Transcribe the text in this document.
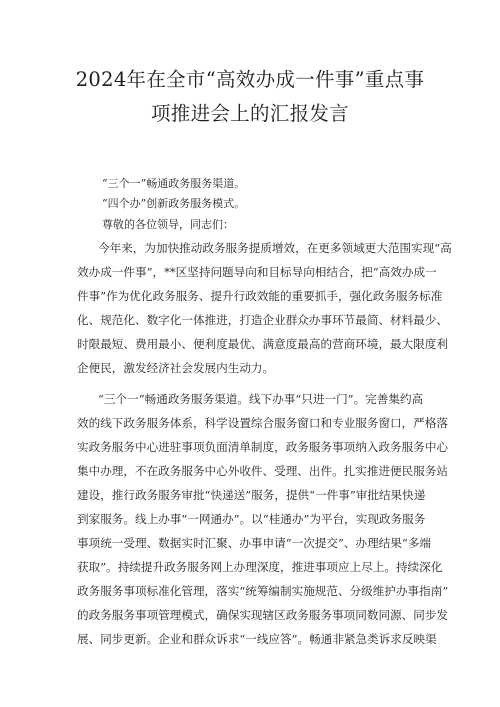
2024年在全市“高效办成一件事”重点事
项推进会上的汇报发言

“三个一”畅通政务服务渠道。

“四个办”创新政务服务模式。

尊敬的各位领导，同志们：

今年来，为加快推动政务服务提质增效，在更多领域更大范围实现“高

效办成一件事”，**区坚持问题导向和目标导向相结合，把“高效办成一

件事”作为优化政务服务、提升行政效能的重要抓手，强化政务服务标准

化、规范化、数字化一体推进，打造企业群众办事环节最简、材料最少、

时限最短、费用最小、便利度最优、满意度最高的营商环境，最大限度利

企便民，激发经济社会发展内生动力。

“三个一”畅通政务服务渠道。线下办事“只进一门”。完善集约高

效的线下政务服务体系，科学设置综合服务窗口和专业服务窗口，严格落

实政务服务中心进驻事项负面清单制度，政务服务事项纳入政务服务中心

集中办理，不在政务服务中心外收件、受理、出件。扎实推进便民服务站

建设，推行政务服务审批“快递送”服务，提供“一件事”审批结果快递

到家服务。线上办事“一网通办”。以“桂通办”为平台，实现政务服务

事项统一受理、数据实时汇聚、办事申请“一次提交”、办理结果“多端

获取”。持续提升政务服务网上办理深度，推进事项应上尽上。持续深化

政务服务事项标准化管理，落实“统筹编制实施规范、分级维护办事指南”

的政务服务事项管理模式，确保实现辖区政务服务事项同数同源、同步发

展、同步更新。企业和群众诉求“一线应答”。畅通非紧急类诉求反映渠
